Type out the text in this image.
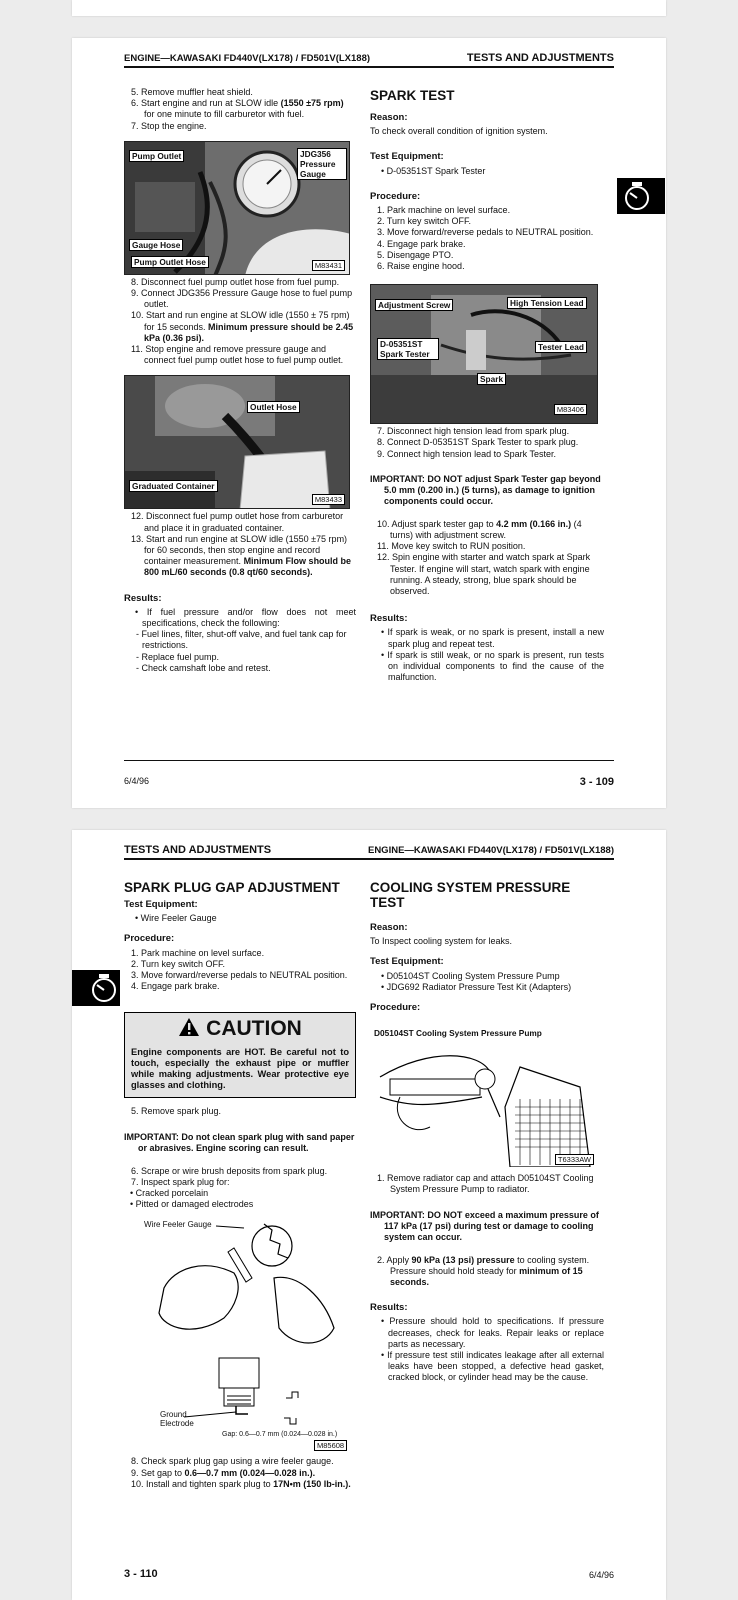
ENGINE—KAWASAKI FD440V(LX178) / FD501V(LX188)	TESTS AND ADJUSTMENTS
5. Remove muffler heat shield.
6. Start engine and run at SLOW idle (1550 ±75 rpm) for one minute to fill carburetor with fuel.
7. Stop the engine.
Pump Outlet	JDG356 Pressure Gauge
Gauge Hose
Pump Outlet Hose	M83431
8. Disconnect fuel pump outlet hose from fuel pump.
9. Connect JDG356 Pressure Gauge hose to fuel pump outlet.
10. Start and run engine at SLOW idle (1550 ± 75 rpm) for 15 seconds. Minimum pressure should be 2.45 kPa (0.36 psi).
11. Stop engine and remove pressure gauge and connect fuel pump outlet hose to fuel pump outlet.
Outlet Hose
Graduated Container
M83433
12. Disconnect fuel pump outlet hose from carburetor and place it in graduated container.
13. Start and run engine at SLOW idle (1550 ±75 rpm) for 60 seconds, then stop engine and record container measurement. Minimum Flow should be 800 mL/60 seconds (0.8 qt/60 seconds).

Results:

• If fuel pressure and/or flow does not meet specifications, check the following:
- Fuel lines, filter, shut-off valve, and fuel tank cap for restrictions.
- Replace fuel pump.
- Check camshaft lobe and retest.

SPARK TEST

Reason:

To check overall condition of ignition system.

Test Equipment:

• D-05351ST Spark Tester

Procedure:

1. Park machine on level surface.
2. Turn key switch OFF.
3. Move forward/reverse pedals to NEUTRAL position.
4. Engage park brake.
5. Disengage PTO.
6. Raise engine hood.
Adjustment Screw	High Tension Lead
D-05351ST Spark Tester
Tester Lead
Spark
M83406
7. Disconnect high tension lead from spark plug.
8. Connect D-05351ST Spark Tester to spark plug.
9. Connect high tension lead to Spark Tester.

IMPORTANT: DO NOT adjust Spark Tester gap beyond 5.0 mm (0.200 in.) (5 turns), as damage to ignition components could occur.

10. Adjust spark tester gap to 4.2 mm (0.166 in.) (4 turns) with adjustment screw.
11. Move key switch to RUN position.
12. Spin engine with starter and watch spark at Spark Tester. If engine will start, watch spark with engine running. A steady, strong, blue spark should be observed.

Results:

• If spark is weak, or no spark is present, install a new spark plug and repeat test.
• If spark is still weak, or no spark is present, run tests on individual components to find the cause of the malfunction.
6/4/96	3 - 109
TESTS AND ADJUSTMENTS	ENGINE—KAWASAKI FD440V(LX178) / FD501V(LX188)

SPARK PLUG GAP ADJUSTMENT

Test Equipment:

• Wire Feeler Gauge

Procedure:

1. Park machine on level surface.
2. Turn key switch OFF.
3. Move forward/reverse pedals to NEUTRAL position.
4. Engage park brake.
CAUTION

Engine components are HOT. Be careful not to touch, especially the exhaust pipe or muffler while making adjustments. Wear protective eye glasses and clothing.

5. Remove spark plug.

IMPORTANT: Do not clean spark plug with sand paper or abrasives. Engine scoring can result.

6. Scrape or wire brush deposits from spark plug.
7. Inspect spark plug for:

• Cracked porcelain

• Pitted or damaged electrodes

Wire Feeler Gauge
Ground Electrode
Gap: 0.6—0.7 mm (0.024—0.028 in.)
M85608
8. Check spark plug gap using a wire feeler gauge.
9. Set gap to 0.6—0.7 mm (0.024—0.028 in.).
10. Install and tighten spark plug to 17N•m (150 lb-in.).

COOLING SYSTEM PRESSURE TEST

Reason:

To Inspect cooling system for leaks.

Test Equipment:

• D05104ST Cooling System Pressure Pump
• JDG692 Radiator Pressure Test Kit (Adapters)

Procedure:

D05104ST Cooling System Pressure Pump
T6333AW
1. Remove radiator cap and attach D05104ST Cooling System Pressure Pump to radiator.

IMPORTANT: DO NOT exceed a maximum pressure of 117 kPa (17 psi) during test or damage to cooling system can occur.

2. Apply 90 kPa (13 psi) pressure to cooling system. Pressure should hold steady for minimum of 15 seconds.

Results:

• Pressure should hold to specifications. If pressure decreases, check for leaks. Repair leaks or replace parts as necessary.
• If pressure test still indicates leakage after all external leaks have been stopped, a defective head gasket, cracked block, or cylinder head may be the cause.
3 - 110	6/4/96
